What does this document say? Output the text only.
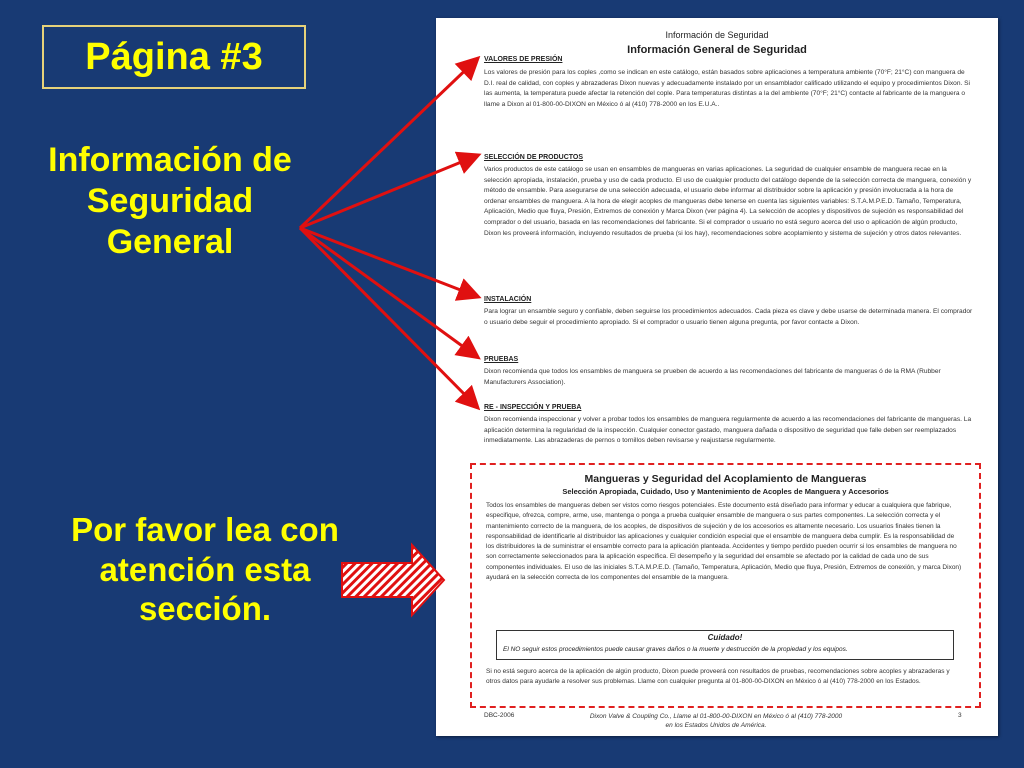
Página #3
Información de Seguridad General
Por favor lea con atención esta sección.
Información de Seguridad
Información General de Seguridad
VALORES DE PRESIÓN
Los valores de presión para los coples ,como se indican en este catálogo, están basados sobre aplicaciones a temperatura ambiente (70°F; 21°C) con manguera de D.I. real de calidad, con coples y abrazaderas Dixon nuevas y adecuadamente instalado por un ensamblador calificado utilizando el equipo y procedimientos Dixon. Si las aumenta, la temperatura puede afectar la retención del cople. Para temperaturas distintas a la del ambiente (70°F; 21°C) contacte al fabricante de la manguera o llame a Dixon al 01-800-00-DIXON en México ó al (410) 778-2000 en los E.U.A..
SELECCIÓN DE PRODUCTOS
Varios productos de este catálogo se usan en ensambles de mangueras en varias aplicaciones. La seguridad de cualquier ensamble de manguera recae en la selección apropiada, instalación, prueba y uso de cada producto. El uso de cualquier producto del catálogo depende de la selección correcta de manguera, conexión y método de ensamble. Para asegurarse de una selección adecuada, el usuario debe informar al distribuidor sobre la aplicación y presión involucrada a la hora de ordenar ensambles de manguera. A la hora de elegir acoples de mangueras debe tenerse en cuenta las siguientes variables: S.T.A.M.P.E.D. Tamaño, Temperatura, Aplicación, Medio que fluya, Presión, Extremos de conexión y Marca Dixon (ver página 4). La selección de acoples y dispositivos de sujeción es responsabilidad del comprador o del usuario, basada en las recomendaciones del fabricante. Si el comprador o usuario no está seguro acerca del uso o aplicación de algún producto, Dixon les proveerá información, incluyendo resultados de prueba (si los hay), recomendaciones sobre acoplamiento y sistema de sujeción y otros datos relevantes.
INSTALACIÓN
Para lograr un ensamble seguro y confiable, deben seguirse los procedimientos adecuados. Cada pieza es clave y debe usarse de determinada manera. El comprador o usuario debe seguir el procedimiento apropiado. Si el comprador o usuario tienen alguna pregunta, por favor contacte a Dixon.
PRUEBAS
Dixon recomienda que todos los ensambles de manguera se prueben de acuerdo a las recomendaciones del fabricante de mangueras ó de la RMA (Rubber Manufacturers Association).
RE - INSPECCIÓN Y PRUEBA
Dixon recomienda inspeccionar y volver a probar todos los ensambles de manguera regularmente de acuerdo a las recomendaciones del fabricante de mangueras. La aplicación determina la regularidad de la inspección. Cualquier conector gastado, manguera dañada o dispositivo de seguridad que falle deben ser reemplazados inmediatamente. Las abrazaderas de pernos o tornillos deben revisarse y reajustarse regularmente.
Mangueras y Seguridad del Acoplamiento de Mangueras
Selección Apropiada, Cuidado, Uso y Mantenimiento de Acoples de Manguera y Accesorios
Todos los ensambles de mangueras deben ser vistos como riesgos potenciales. Este documento está diseñado para informar y educar a cualquiera que fabrique, especifique, ofrezca, compre, arme, use, mantenga o ponga a prueba cualquier ensamble de manguera o sus partes componentes. La selección correcta y el mantenimiento correcto de la manguera, de los acoples, de dispositivos de sujeción y de los accesorios es altamente necesario. Los usuarios finales tienen la responsabilidad de identificarle al distribuidor las aplicaciones y cualquier condición especial que el ensamble de manguera deba cumplir. Es la responsabilidad de los distribuidores la de suministrar el ensamble correcto para la aplicación planteada. Accidentes y tiempo perdido pueden ocurrir si los ensambles de manguera no son correctamente seleccionados para la aplicación específica. El desempeño y la seguridad del ensamble se afectado por la calidad de cada uno de sus componentes individuales. El uso de las iniciales S.T.A.M.P.E.D. (Tamaño, Temperatura, Aplicación, Medio que fluya, Presión, Extremos de conexión, y marca Dixon) ayudará en la selección correcta de los componentes del ensamble de la manguera.
Cuidado!
El NO seguir estos procedimientos puede causar graves daños o la muerte y destrucción de la propiedad y los equipos.
Si no está seguro acerca de la aplicación de algún producto, Dixon puede proveerá con resultados de pruebas, recomendaciones sobre acoples y abrazaderas y otros datos para ayudarle a resolver sus problemas. Llame con cualquier pregunta al 01-800-00-DIXON en México ó al (410) 778-2000 en los Estados.
DBC-2006	Dixon Valve & Coupling Co., Llame al 01-800-00-DIXON en México ó al (410) 778-2000 en los Estados Unidos de América.
3
